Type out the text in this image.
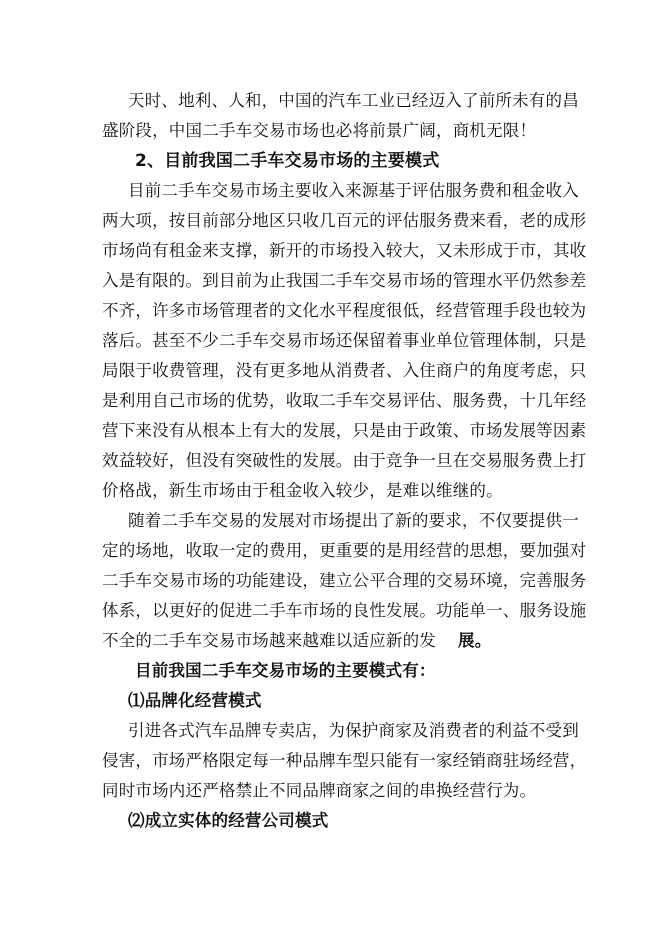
天时、地利、人和，中国的汽车工业已经迈入了前所未有的昌
盛阶段，中国二手车交易市场也必将前景广阔，商机无限！
2、目前我国二手车交易市场的主要模式
目前二手车交易市场主要收入来源基于评估服务费和租金收入
两大项，按目前部分地区只收几百元的评估服务费来看，老的成形
市场尚有租金来支撑，新开的市场投入较大，又未形成于市，其收
入是有限的。到目前为止我国二手车交易市场的管理水平仍然参差
不齐，许多市场管理者的文化水平程度很低，经营管理手段也较为
落后。甚至不少二手车交易市场还保留着事业单位管理体制，只是
局限于收费管理，没有更多地从消费者、入住商户的角度考虑，只
是利用自己市场的优势，收取二手车交易评估、服务费，十几年经
营下来没有从根本上有大的发展，只是由于政策、市场发展等因素
效益较好，但没有突破性的发展。由于竞争一旦在交易服务费上打
价格战，新生市场由于租金收入较少，是难以维继的。
随着二手车交易的发展对市场提出了新的要求，不仅要提供一
定的场地，收取一定的费用，更重要的是用经营的思想，要加强对
二手车交易市场的功能建设，建立公平合理的交易环境，完善服务
体系，以更好的促进二手车市场的良性发展。功能单一、服务设施
不全的二手车交易市场越来越难以适应新的发 展。
目前我国二手车交易市场的主要模式有：
⑴品牌化经营模式
引进各式汽车品牌专卖店，为保护商家及消费者的利益不受到
侵害，市场严格限定每一种品牌车型只能有一家经销商驻场经营，
同时市场内还严格禁止不同品牌商家之间的串换经营行为。
⑵成立实体的经营公司模式
